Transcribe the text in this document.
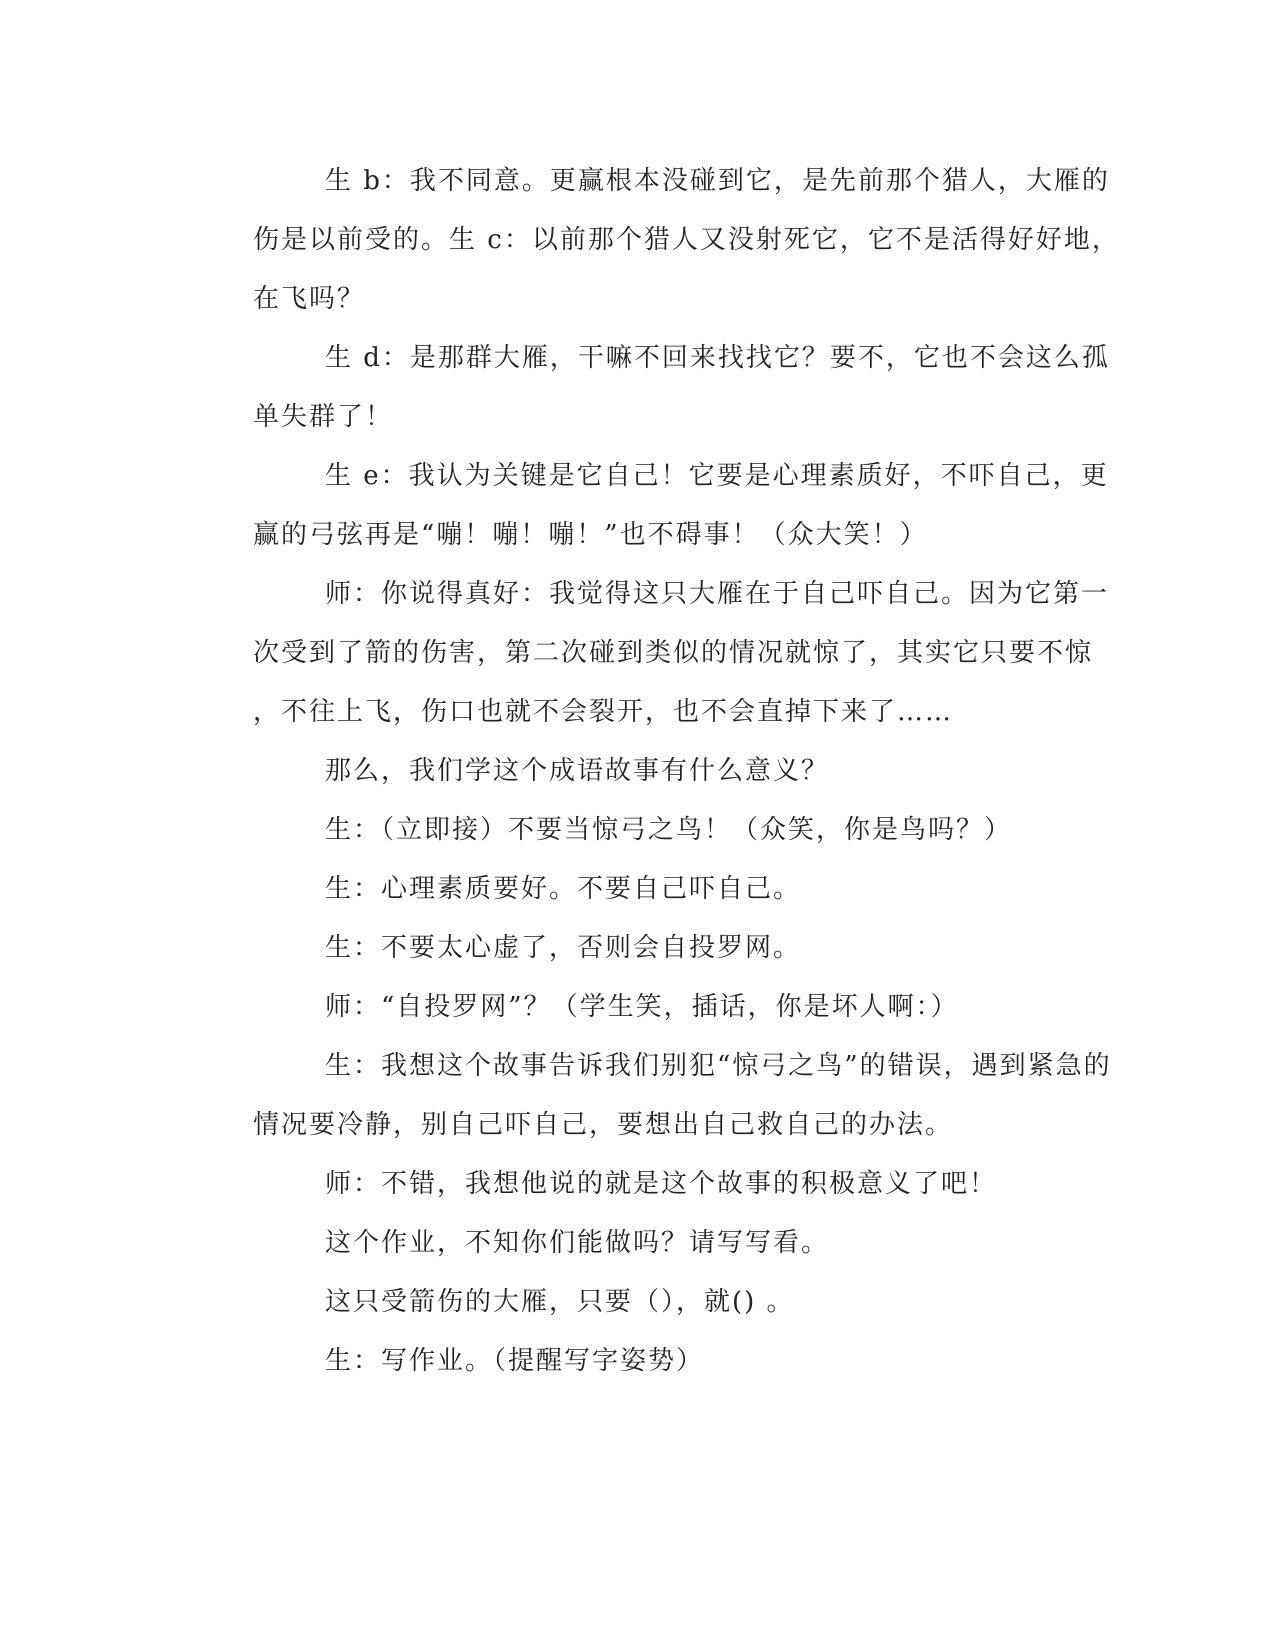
生 b：我不同意。更赢根本没碰到它，是先前那个猎人，大雁的
伤是以前受的。生 c：以前那个猎人又没射死它，它不是活得好好地，
在飞吗？

生 d：是那群大雁，干嘛不回来找找它？要不，它也不会这么孤
单失群了！

生 e：我认为关键是它自己！它要是心理素质好，不吓自己，更
赢的弓弦再是“嘣！嘣！嘣！”也不碍事！（众大笑！）

师：你说得真好：我觉得这只大雁在于自己吓自己。因为它第一
次受到了箭的伤害，第二次碰到类似的情况就惊了，其实它只要不惊
，不往上飞，伤口也就不会裂开，也不会直掉下来了……

那么，我们学这个成语故事有什么意义？

生：（立即接）不要当惊弓之鸟！（众笑，你是鸟吗？）

生：心理素质要好。不要自己吓自己。

生：不要太心虚了，否则会自投罗网。

师：“自投罗网”？（学生笑，插话，你是坏人啊：）

生：我想这个故事告诉我们别犯“惊弓之鸟”的错误，遇到紧急的
情况要冷静，别自己吓自己，要想出自己救自己的办法。

师：不错，我想他说的就是这个故事的积极意义了吧！

这个作业，不知你们能做吗？请写写看。

这只受箭伤的大雁，只要（），就() 。

生：写作业。（提醒写字姿势）
